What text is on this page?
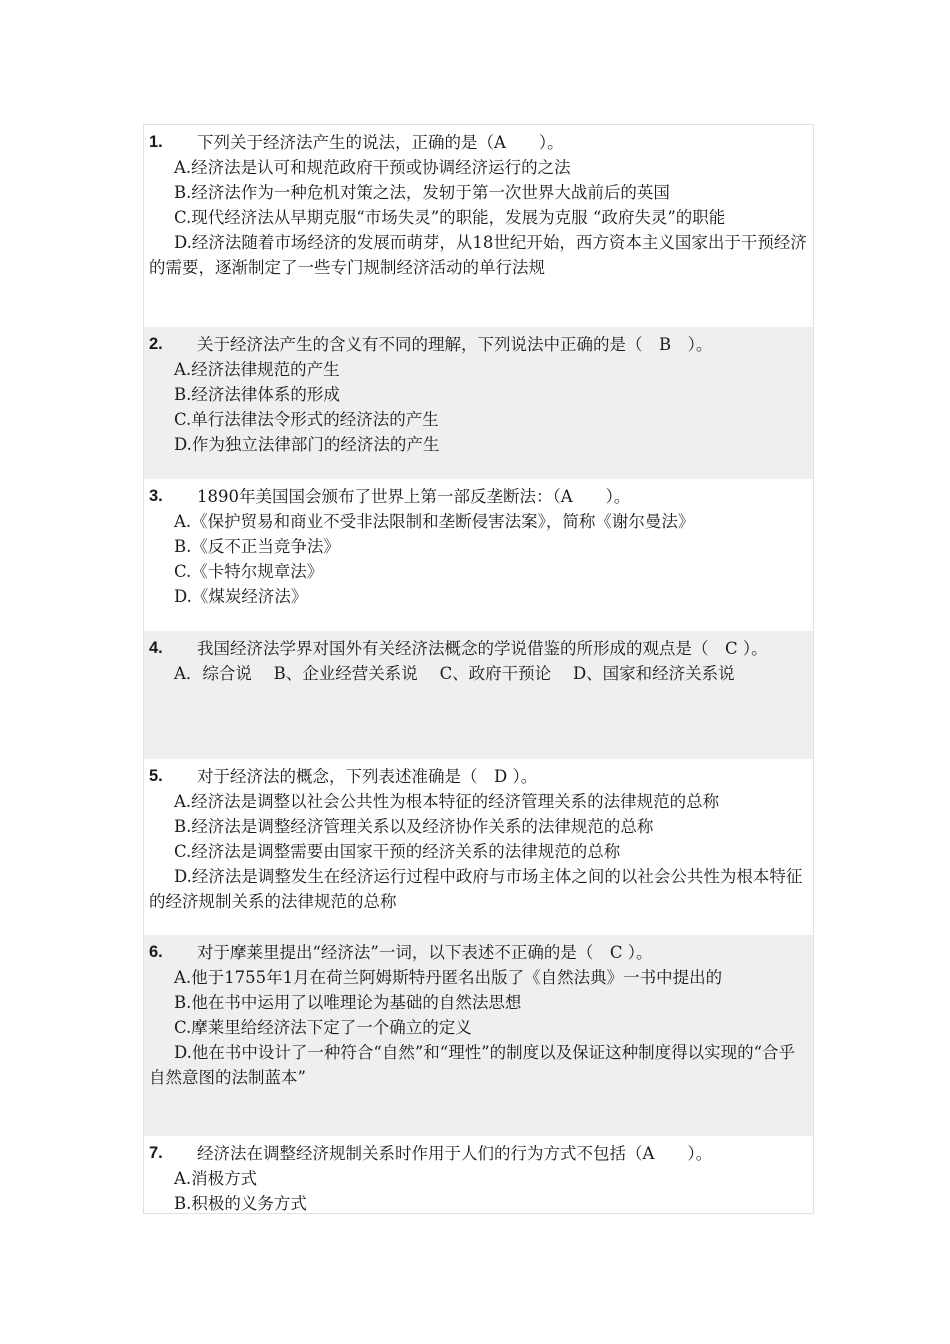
1.	下列关于经济法产生的说法，正确的是（A　　）。
A.经济法是认可和规范政府干预或协调经济运行的之法
B.经济法作为一种危机对策之法，发轫于第一次世界大战前后的英国
C.现代经济法从早期克服“市场失灵”的职能，发展为克服 “政府失灵”的职能
D.经济法随着市场经济的发展而萌芽，从18世纪开始，西方资本主义国家出于干预经济的需要，逐渐制定了一些专门规制经济活动的单行法规
2.	关于经济法产生的含义有不同的理解，下列说法中正确的是（　B　）。
A.经济法律规范的产生
B.经济法律体系的形成
C.单行法律法令形式的经济法的产生
D.作为独立法律部门的经济法的产生
3.	1890年美国国会颁布了世界上第一部反垄断法：（A　　）。
A.《保护贸易和商业不受非法限制和垄断侵害法案》，简称《谢尔曼法》
B.《反不正当竞争法》
C.《卡特尔规章法》
D.《煤炭经济法》
4.	我国经济法学界对国外有关经济法概念的学说借鉴的所形成的观点是（　C ）。
A．综合说　 B、企业经营关系说　 C、政府干预论　 D、国家和经济关系说
5.	对于经济法的概念，下列表述准确是（　D ）。
A.经济法是调整以社会公共性为根本特征的经济管理关系的法律规范的总称
B.经济法是调整经济管理关系以及经济协作关系的法律规范的总称
C.经济法是调整需要由国家干预的经济关系的法律规范的总称
D.经济法是调整发生在经济运行过程中政府与市场主体之间的以社会公共性为根本特征的经济规制关系的法律规范的总称
6.	对于摩莱里提出“经济法”一词，以下表述不正确的是（　C ）。
A.他于1755年1月在荷兰阿姆斯特丹匿名出版了《自然法典》一书中提出的
B.他在书中运用了以唯理论为基础的自然法思想
C.摩莱里给经济法下定了一个确立的定义
D.他在书中设计了一种符合“自然”和“理性”的制度以及保证这种制度得以实现的“合乎自然意图的法制蓝本”
7.	经济法在调整经济规制关系时作用于人们的行为方式不包括（A　　）。
A.消极方式
B.积极的义务方式
